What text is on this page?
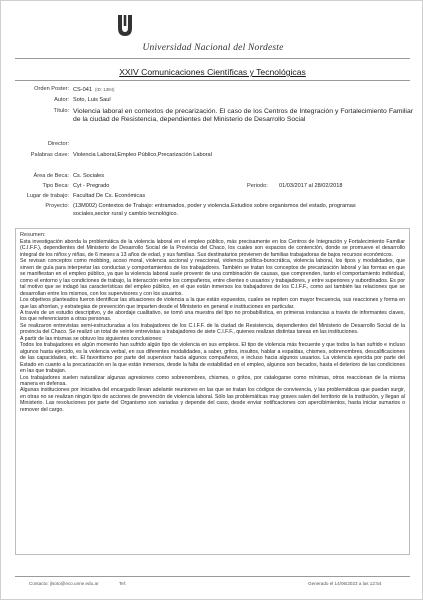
Universidad Nacional del Nordeste
XXIV Comunicaciones Científicas y Tecnológicas
Orden Poster: CS-041 (ID: 1394)
Autor: Soto, Luis Saul
Título: Violencia laboral en contextos de precarización. El caso de los Centros de Integración y Fortalecimiento Familiar de la ciudad de Resistencia, dependientes del Ministerio de Desarrollo Social
Director:
Palabras clave: Violencia Laboral,Empleo Público,Precarización Laboral
Área de Beca: Cs. Sociales
Tipo Beca: Cyt - Pregrado	Periodo: 01/03/2017 al 28/02/2018
Lugar de trabajo: Facultad De Cs. Económicas
Proyecto: (13M002) Contextos de Trabajo: entramados, poder y violencia.Estudios sobre organismos del estado, programas
sociales,sector rural y cambio tecnológico.
Resumen:

Esta investigación aborda la problemática de la violencia laboral en el empleo público, más precisamente en los Centros de Integración y Fortalecimiento Familiar (C.I.F.F.), dependientes del Ministerio de Desarrollo Social de la Provincia del Chaco, los cuales son espacios de contención, donde se promueve el desarrollo integral de los niños y niñas, de 6 meses a 13 años de edad, y sus familias. Sus destinatarios provienen de familias trabajadoras de bajos recursos económicos.

Se revisan conceptos como mobbing, acoso moral, violencia accional y reaccional, violencia política-burocrática, violencia laboral, los tipos y modalidades, que sirven de guía para interpretar las conductas y comportamientos de los trabajadores. También se tratan los conceptos de precarización laboral y las formas en que se manifiestan en el empleo público, ya que la violencia laboral suele provenir de una combinación de causas, que comprenden, tanto el comportamiento individual, como el entorno y las condiciones de trabajo, la interacción entre los compañeros, entre clientes o usuarios y trabajadores, y entre superiores y subordinados. Es por tal motivo que se indagó las características del empleo público, en el que están inmersos los trabajadores de los C.I.F.F., como así también las relaciones que se desarrollan entre los mismos, con los supervisores y con los usuarios.

Los objetivos planteados fueron identificar las situaciones de violencia a la que están expuestos, cuales se repiten con mayor frecuencia, sus reacciones y forma en que las afrontan, y estrategias de prevención que imparten desde el Ministerio en general e instituciones en particular.

A través de un estudio descriptivo, y de abordaje cualitativo, se tomó una muestra del tipo no probabilística, en primeras instancias a través de informantes claves, los que referenciaron a otras personas.

Se realizaron entrevistas semi-estructuradas a los trabajadores de los C.I.F.F. de la ciudad de Resistencia, dependientes del Ministerio de Desarrollo Social de la provincia del Chaco. Se realizó un total de veinte entrevistas a trabajadores de siete C.I.F.F., quienes realizan distintas tareas en las instituciones.

A partir de las mismas se obtuvo los siguientes conclusiones:

Todos los trabajadores en algún momento han sufrido algún tipo de violencia en sus empleos. El tipo de violencia más frecuente y que todos la han sufrido e incluso algunos hasta ejercido, es la violencia verbal, en sus diferentes modalidades, a saber, gritos, insultos, hablar a espaldas, chismes, sobrenombres, descalificaciones de las capacidades, etc. El favoritismo por parte del supervisor hacia algunos compañeros, e incluso hacia algunos usuarios. La violencia ejercida por parte del Estado en cuanto a la precarización en la que están inmersos, desde la falta de estabilidad en el empleo, algunos son becados, hasta el deterioro de las condiciones en las que trabajan.

Los trabajadores suelen naturalizar algunas agresiones como sobrenombres, chismes, o gritos, por catalogarse como mínimas, otros reaccionan de la misma manera en defensa.

Algunas instituciones por iniciativa del encargado llevan adelante reuniones en las que se tratan los códigos de convivencia, y las problemáticas que puedan surgir, en otras no se realizan ningún tipo de acciones de prevención de violencia laboral. Sólo las problemáticas muy graves salen del territorio de la institución, y llegan al Ministerio. Las resoluciones por parte del Organismo son variadas y depende del caso, desde enviar notificaciones con apercibimientos, hasta iniciar sumarios o remover del cargo.

Contacto: jlsoto@eco.unne.edu.ar	Tel:	Generado el 14/06/2023 a las 12:54
